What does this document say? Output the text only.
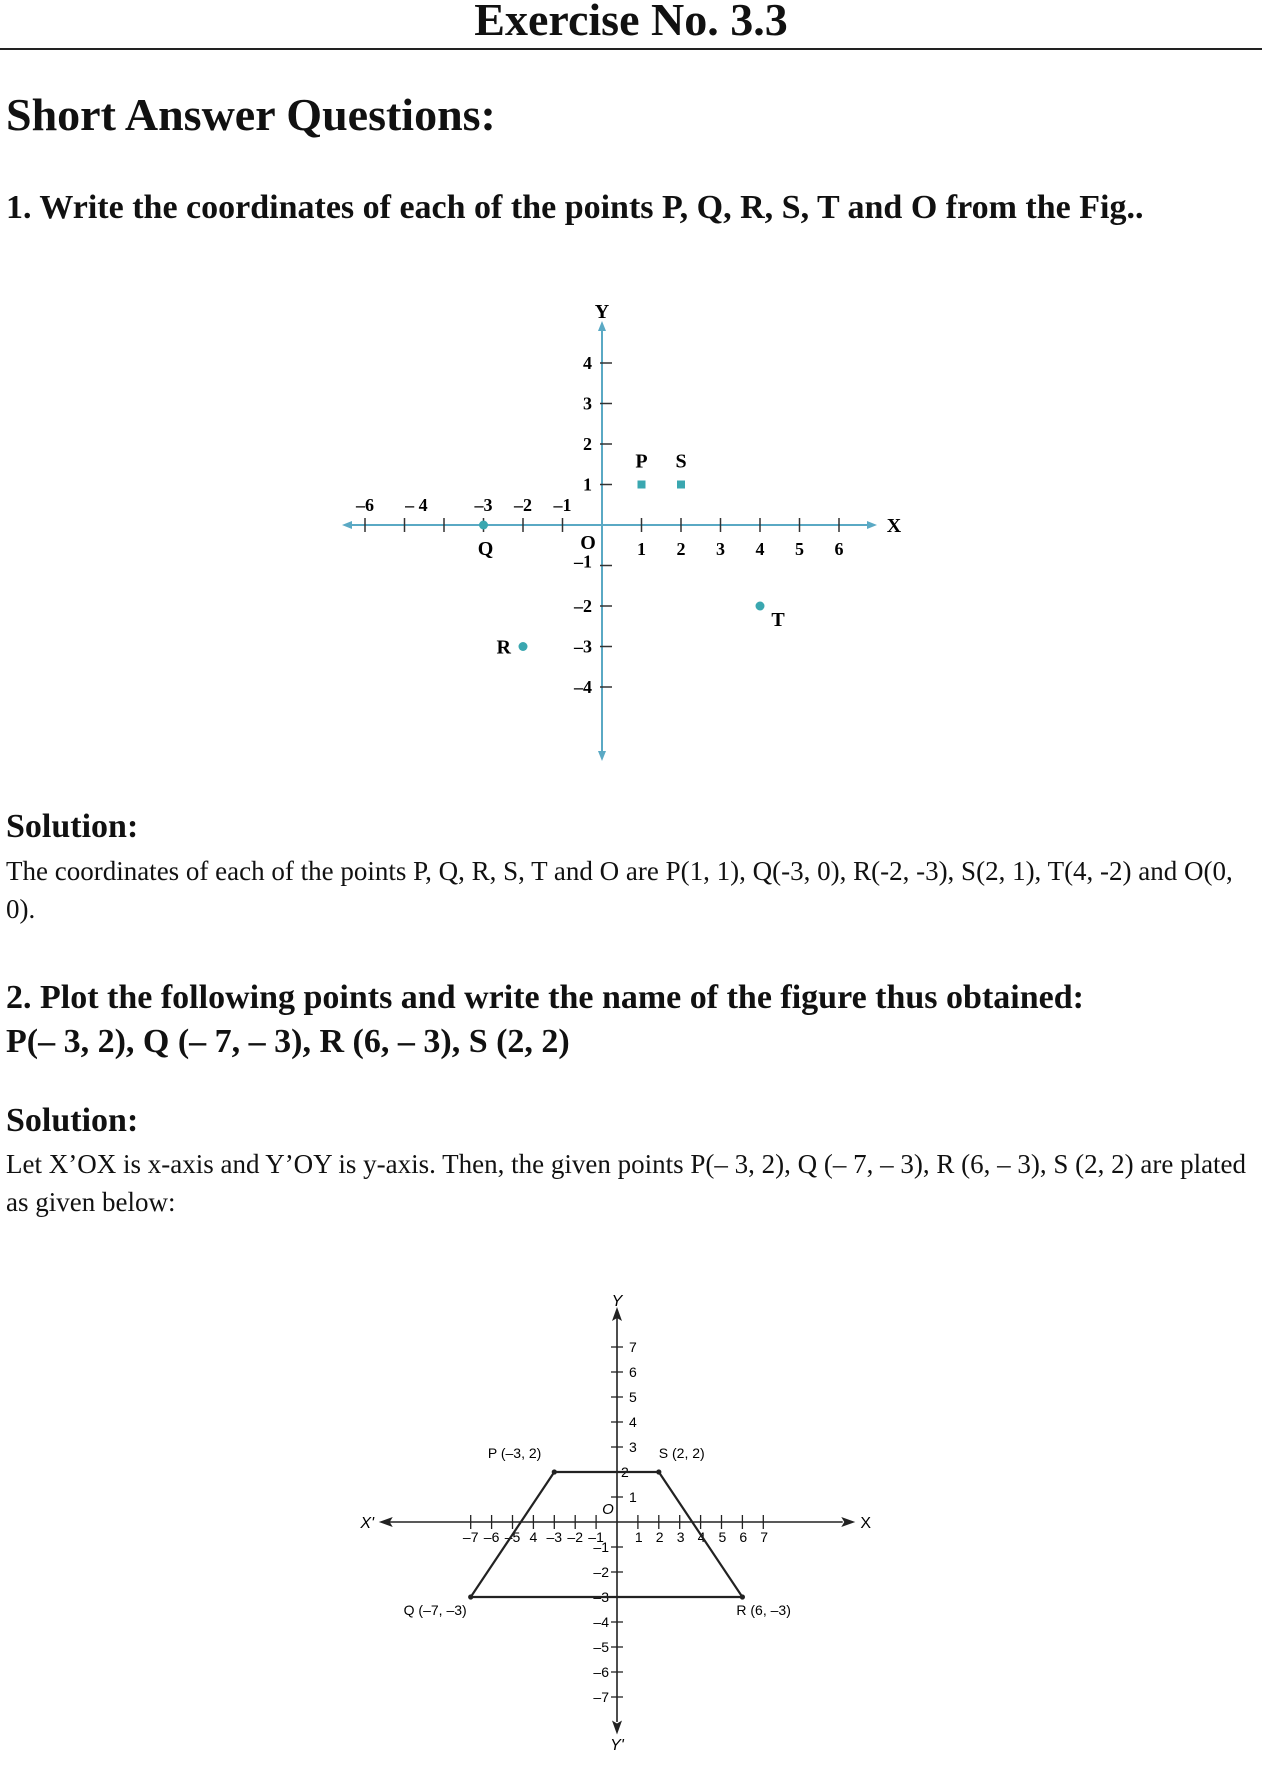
Exercise No. 3.3
Short Answer Questions:
1. Write the coordinates of each of the points P, Q, R, S, T and O from the Fig..
–6 – 4	–3 –2 –1
1 2 3 4 5 6
1
2
3
4
–1
–2
–3
–4
O
X
Y
P S
Q
R
T
Solution:
The coordinates of each of the points P, Q, R, S, T and O are P(1, 1), Q(-3, 0), R(-2, -3), S(2, 1), T(4, -2) and O(0, 0).
2. Plot the following points and write the name of the figure thus obtained:
P(– 3, 2), Q (– 7, – 3), R (6, – 3), S (2, 2)
Solution:
Let X’OX is x-axis and Y’OY is y-axis. Then, the given points P(– 3, 2), Q (– 7, – 3), R (6, – 3), S (2, 2) are plated as given below:
–7 –6 –5 4 –3 –2 –1 1 2 3 4 5 6 7
1
2
3
4
5
6
7
–1
–2
–3
–4
–5
–6
–7
O
X
X'
Y
Y'
P (–3, 2)	S (2, 2)
R (6, –3)
Q (–7, –3)
